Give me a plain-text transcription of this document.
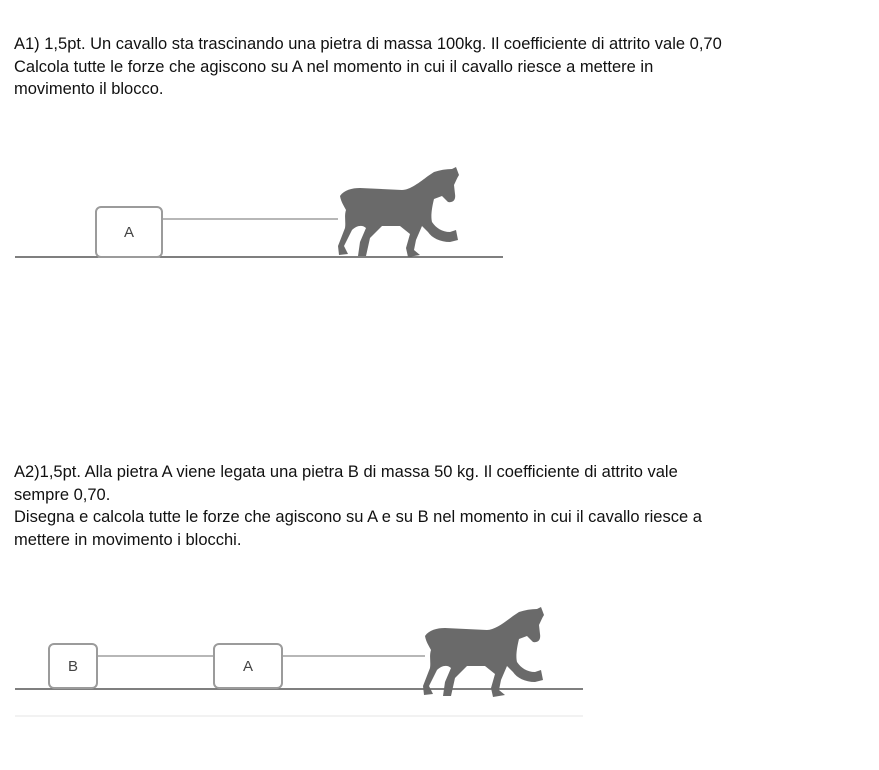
A1) 1,5pt. Un cavallo sta trascinando una pietra di massa 100kg. Il coefficiente di attrito vale 0,70

Calcola tutte le forze che agiscono su A nel momento in cui il cavallo riesce a mettere in

movimento il blocco.

A2)1,5pt. Alla pietra A viene legata una pietra B di massa 50 kg. Il coefficiente di attrito vale

sempre 0,70.

Disegna e calcola tutte le forze che agiscono su A e su B nel momento in cui il cavallo riesce a

mettere in movimento i blocchi.

A
B	A
